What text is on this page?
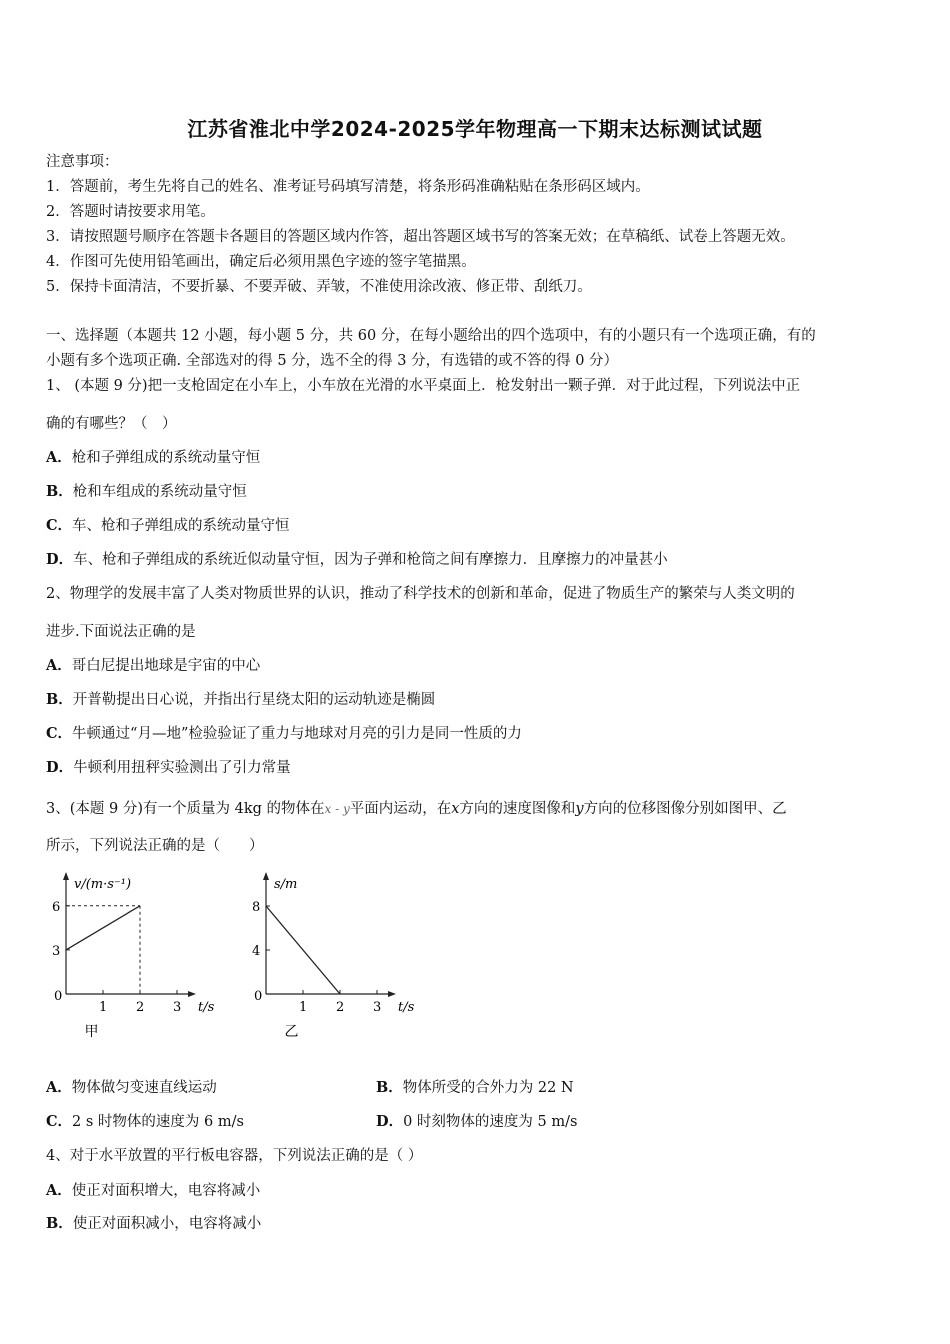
江苏省淮北中学2024-2025学年物理高一下期末达标测试试题
注意事项：
1．答题前，考生先将自己的姓名、准考证号码填写清楚，将条形码准确粘贴在条形码区域内。
2．答题时请按要求用笔。
3．请按照题号顺序在答题卡各题目的答题区域内作答，超出答题区域书写的答案无效；在草稿纸、试卷上答题无效。
4．作图可先使用铅笔画出，确定后必须用黑色字迹的签字笔描黑。
5．保持卡面清洁，不要折暴、不要弄破、弄皱，不准使用涂改液、修正带、刮纸刀。
一、选择题（本题共 12 小题，每小题 5 分，共 60 分，在每小题给出的四个选项中，有的小题只有一个选项正确，有的
小题有多个选项正确. 全部选对的得 5 分，选不全的得 3 分，有选错的或不答的得 0 分）
1、 (本题 9 分)把一支枪固定在小车上，小车放在光滑的水平桌面上．枪发射出一颗子弹．对于此过程，下列说法中正
确的有哪些？（　）
A．枪和子弹组成的系统动量守恒
B．枪和车组成的系统动量守恒
C．车、枪和子弹组成的系统动量守恒
D．车、枪和子弹组成的系统近似动量守恒，因为子弹和枪筒之间有摩擦力．且摩擦力的冲量甚小
2、物理学的发展丰富了人类对物质世界的认识，推动了科学技术的创新和革命，促进了物质生产的繁荣与人类文明的
进步.下面说法正确的是
A．哥白尼提出地球是宇宙的中心
B．开普勒提出日心说，并指出行星绕太阳的运动轨迹是椭圆
C．牛顿通过“月—地”检验验证了重力与地球对月亮的引力是同一性质的力
D．牛顿利用扭秤实验测出了引力常量
3、(本题 9 分)有一个质量为 4kg 的物体在x - y平面内运动，在x方向的速度图像和y方向的位移图像分别如图甲、乙
所示，下列说法正确的是（　　）
0
1 2 3
3
6
v/(m·s⁻¹)
t/s
甲
0
1 2 3
4
8
s/m
t/s
乙
A．物体做匀变速直线运动	B．物体所受的合外力为 22 N
C．2 s 时物体的速度为 6 m/s	D．0 时刻物体的速度为 5 m/s
4、对于水平放置的平行板电容器，下列说法正确的是（ ）
A．使正对面积增大，电容将减小
B．使正对面积减小，电容将减小
